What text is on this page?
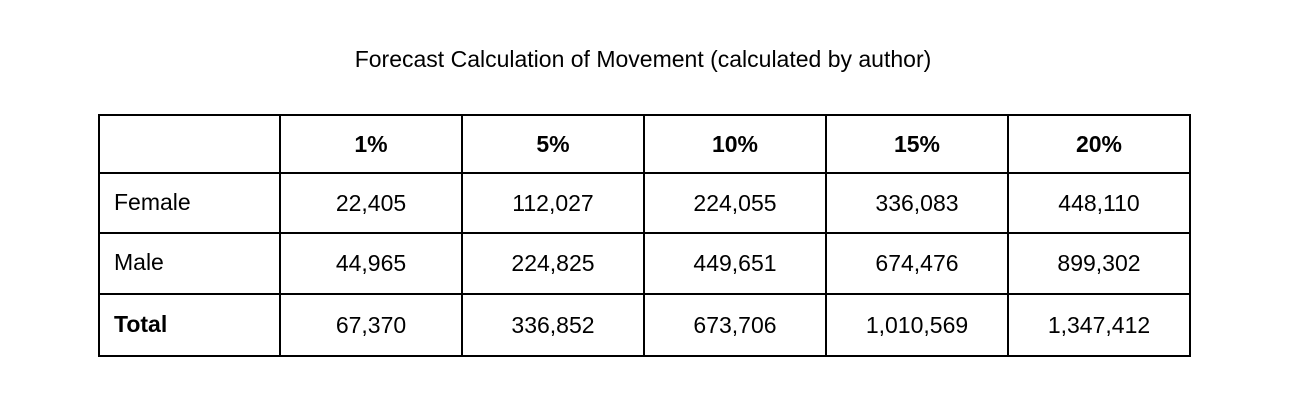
Forecast Calculation of Movement (calculated by author)
	1%	5%	10%	15%	20%
Female	22,405	112,027	224,055	336,083	448,110
Male	44,965	224,825	449,651	674,476	899,302
Total	67,370	336,852	673,706	1,010,569	1,347,412
